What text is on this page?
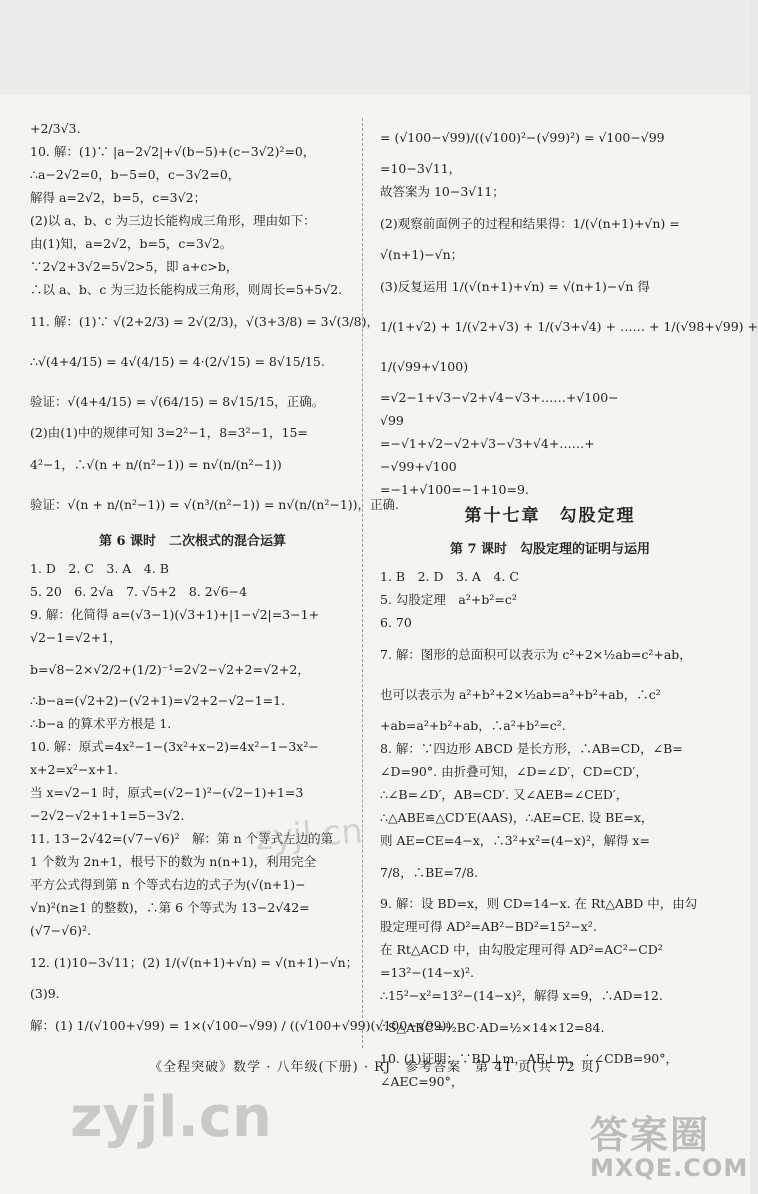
+2/3√3.
10. 解：(1)∵ |a−2√2|+√(b−5)+(c−3√2)²=0，
∴a−2√2=0，b−5=0，c−3√2=0，
解得 a=2√2，b=5，c=3√2；
(2)以 a、b、c 为三边长能构成三角形，理由如下：
由(1)知，a=2√2，b=5，c=3√2。
∵2√2+3√2=5√2>5，即 a+c>b，
∴以 a、b、c 为三边长能构成三角形，则周长=5+5√2.
11. 解：(1)∵ √(2+2/3) = 2√(2/3)，√(3+3/8) = 3√(3/8)，
∴√(4+4/15) = 4√(4/15) = 4·(2/√15) = 8√15/15.
验证：√(4+4/15) = √(64/15) = 8√15/15，正确。
(2)由(1)中的规律可知 3=2²−1，8=3²−1，15=
4²−1，∴√(n + n/(n²−1)) = n√(n/(n²−1))
验证：√(n + n/(n²−1)) = √(n³/(n²−1)) = n√(n/(n²−1))，正确.
第 6 课时　二次根式的混合运算
1. D　2. C　3. A　4. B
5. 20　6. 2√a　7. √5+2　8. 2√6−4
9. 解：化简得 a=(√3−1)(√3+1)+|1−√2|=3−1+
√2−1=√2+1，
b=√8−2×√2/2+(1/2)⁻¹=2√2−√2+2=√2+2，
∴b−a=(√2+2)−(√2+1)=√2+2−√2−1=1.
∴b−a 的算术平方根是 1.
10. 解：原式=4x²−1−(3x²+x−2)=4x²−1−3x²−
x+2=x²−x+1.
当 x=√2−1 时，原式=(√2−1)²−(√2−1)+1=3
−2√2−√2+1+1=5−3√2.
11. 13−2√42=(√7−√6)²　解：第 n 个等式左边的第
1 个数为 2n+1，根号下的数为 n(n+1)，利用完全
平方公式得到第 n 个等式右边的式子为(√(n+1)−
√n)²(n≥1 的整数)，∴第 6 个等式为 13−2√42=
(√7−√6)².
12. (1)10−3√11；(2) 1/(√(n+1)+√n) = √(n+1)−√n；
(3)9.
解：(1) 1/(√100+√99) = 1×(√100−√99) / ((√100+√99)(√100−√99))
= (√100−√99)/((√100)²−(√99)²) = √100−√99
=10−3√11，
故答案为 10−3√11；
(2)观察前面例子的过程和结果得：1/(√(n+1)+√n) =
√(n+1)−√n；
(3)反复运用 1/(√(n+1)+√n) = √(n+1)−√n 得
1/(1+√2) + 1/(√2+√3) + 1/(√3+√4) + …… + 1/(√98+√99) +
1/(√99+√100)
=√2−1+√3−√2+√4−√3+……+√100−
√99
=−√1+√2−√2+√3−√3+√4+……+
−√99+√100
=−1+√100=−1+10=9.
第十七章　勾股定理
第 7 课时　勾股定理的证明与运用
1. B　2. D　3. A　4. C
5. 勾股定理　a²+b²=c²
6. 70
7. 解：图形的总面积可以表示为 c²+2×½ab=c²+ab，
也可以表示为 a²+b²+2×½ab=a²+b²+ab，∴c²
+ab=a²+b²+ab，∴a²+b²=c².
8. 解：∵四边形 ABCD 是长方形，∴AB=CD，∠B=
∠D=90°. 由折叠可知，∠D=∠D′，CD=CD′，
∴∠B=∠D′，AB=CD′. 又∠AEB=∠CED′，
∴△ABE≌△CD′E(AAS)，∴AE=CE. 设 BE=x，
则 AE=CE=4−x，∴3²+x²=(4−x)²，解得 x=
7/8，∴BE=7/8.
9. 解：设 BD=x，则 CD=14−x. 在 Rt△ABD 中，由勾
股定理可得 AD²=AB²−BD²=15²−x².
在 Rt△ACD 中，由勾股定理可得 AD²=AC²−CD²
=13²−(14−x)².
∴15²−x²=13²−(14−x)²，解得 x=9，∴AD=12.
∴S△ABC=½BC·AD=½×14×12=84.
10. (1)证明：∵BD⊥m，AE⊥m，∴∠CDB=90°，
∠AEC=90°，
zyjl.cn
《全程突破》数学 · 八年级(下册) · RJ　参考答案　第 41 页(共 72 页)
zyjl.cn	答案圈
MXQE.COM
